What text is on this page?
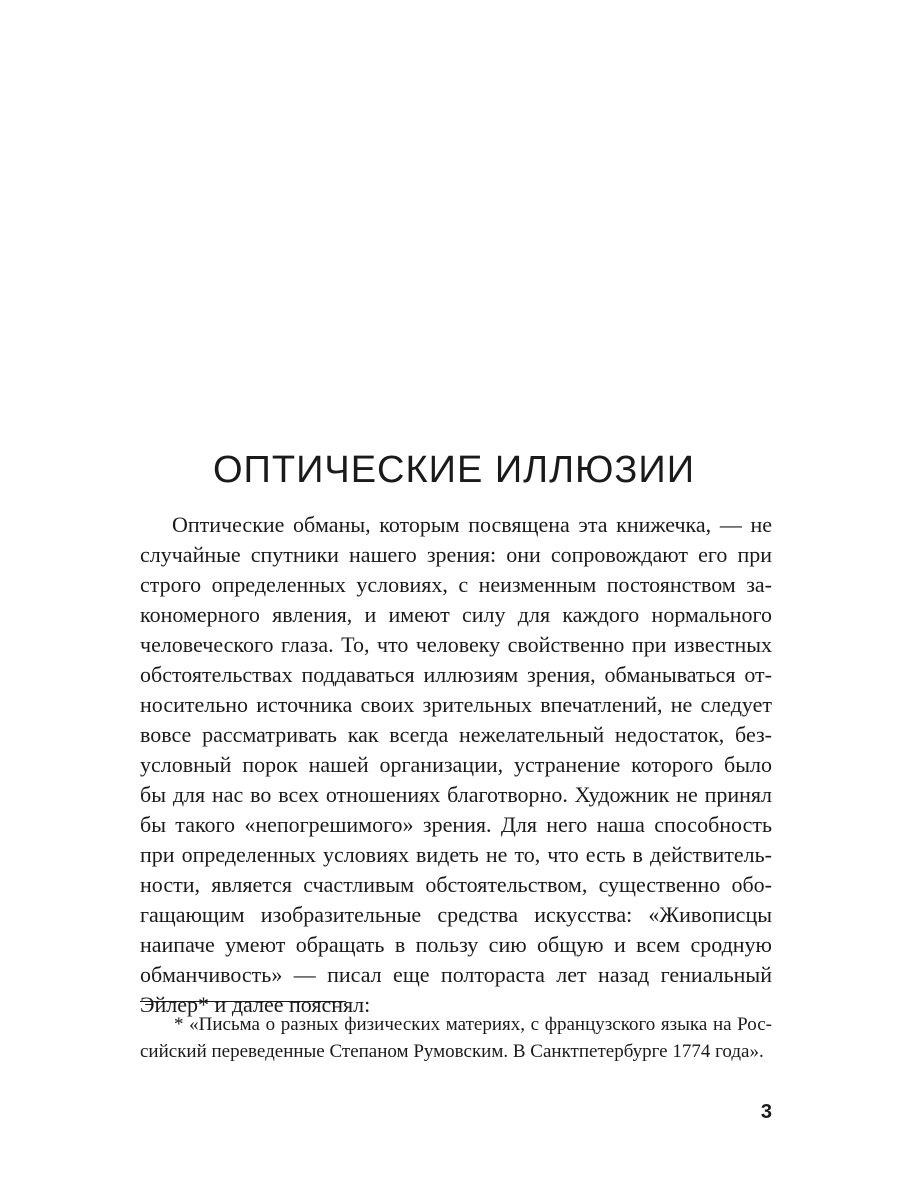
ОПТИЧЕСКИЕ ИЛЛЮЗИИ
Оптические обманы, которым посвящена эта книжечка, — не
случайные спутники нашего зрения: они сопровождают его при
строго определенных условиях, с неизменным постоянством за-
кономерного явления, и имеют силу для каждого нормального
человеческого глаза. То, что человеку свойственно при известных
обстоятельствах поддаваться иллюзиям зрения, обманываться от-
носительно источника своих зрительных впечатлений, не следует
вовсе рассматривать как всегда нежелательный недостаток, без-
условный порок нашей организации, устранение которого было
бы для нас во всех отношениях благотворно. Художник не принял
бы такого «непогрешимого» зрения. Для него наша способность
при определенных условиях видеть не то, что есть в действитель-
ности, является счастливым обстоятельством, существенно обо-
гащающим изобразительные средства искусства: «Живописцы
наипаче умеют обращать в пользу сию общую и всем сродную
обманчивость» — писал еще полтораста лет назад гениальный
Эйлер* и далее пояснял:
* «Письма о разных физических материях, с французского языка на Рос-
сийский переведенные Степаном Румовским. В Санктпетербурге 1774 года».
3
